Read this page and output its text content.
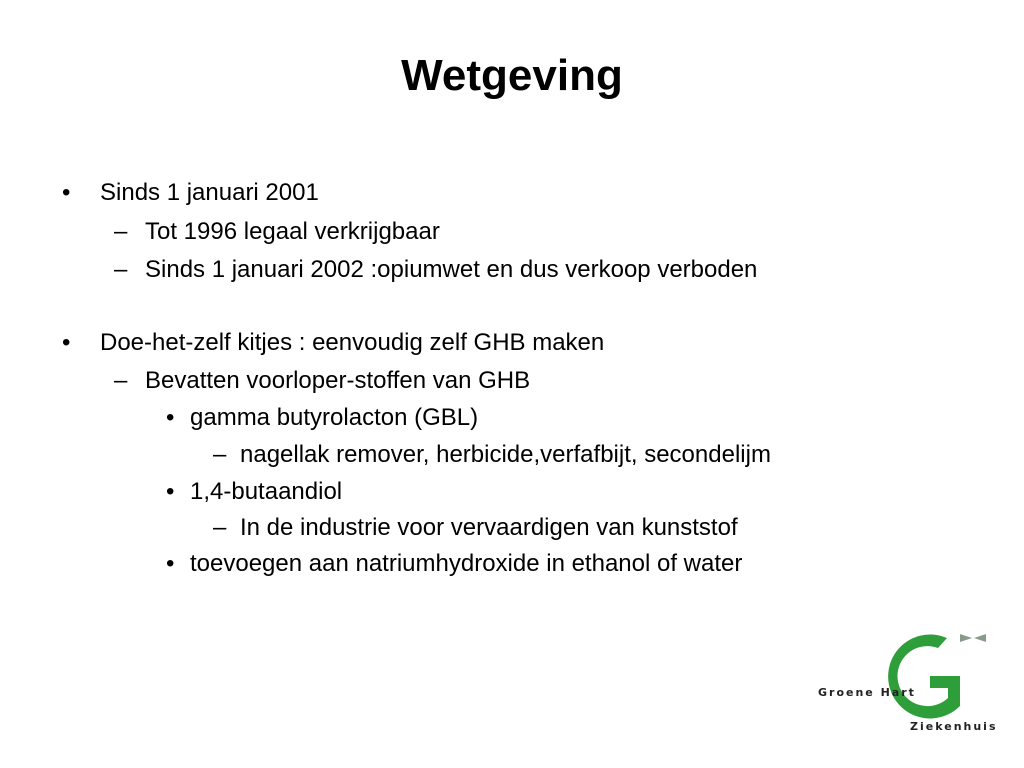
Wetgeving
• Sinds 1 januari 2001
– Tot 1996 legaal verkrijgbaar
– Sinds 1 januari 2002 :opiumwet en dus verkoop verboden
• Doe-het-zelf kitjes : eenvoudig zelf GHB maken
– Bevatten voorloper-stoffen van GHB
• gamma butyrolacton (GBL)
– nagellak remover, herbicide,verfafbijt, secondelijm
• 1,4-butaandiol
– In de industrie voor vervaardigen van kunststof
• toevoegen aan natriumhydroxide in ethanol of water
Groene Hart
Ziekenhuis
